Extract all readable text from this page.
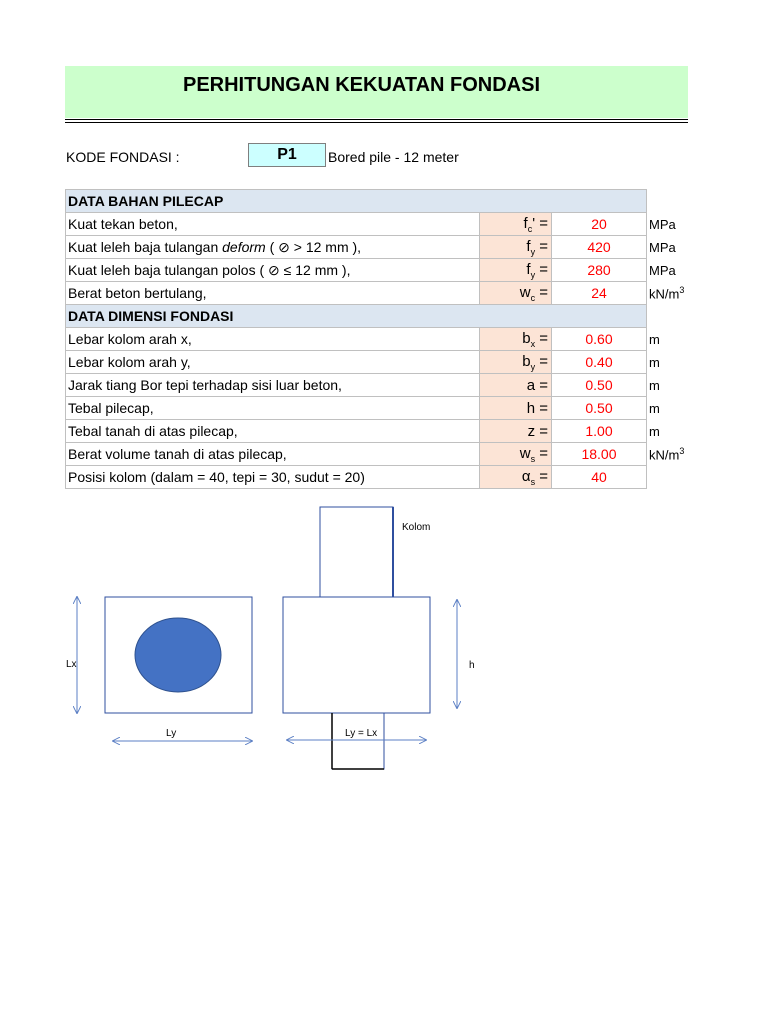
PERHITUNGAN KEKUATAN FONDASI
KODE FONDASI :	P1	Bored pile - 12 meter
DATA BAHAN PILECAP			
Kuat tekan beton,	$f_c'$ =	20	MPa
Kuat leleh baja tulangan deform ( ⊘ > 12 mm ),	$f_y$ =	420	MPa
Kuat leleh baja tulangan polos ( ⊘ ≤ 12 mm ),	$f_y$ =	280	MPa
Berat beton bertulang,	$w_c$ =	24	$kN/m^3$
DATA DIMENSI FONDASI			
Lebar kolom arah x,	$b_x$ =	0.60	m
Lebar kolom arah y,	$b_y$ =	0.40	m
Jarak tiang Bor tepi terhadap sisi luar beton,	a =	0.50	m
Tebal pilecap,	h =	0.50	m
Tebal tanah di atas pilecap,	z =	1.00	m
Berat volume tanah di atas pilecap,	$w_s$ =	18.00	$kN/m^3$
Posisi kolom (dalam = 40, tepi = 30, sudut = 20)	$\alpha_s$ =	40	
Lx
Ly
Kolom
h
Ly = Lx
